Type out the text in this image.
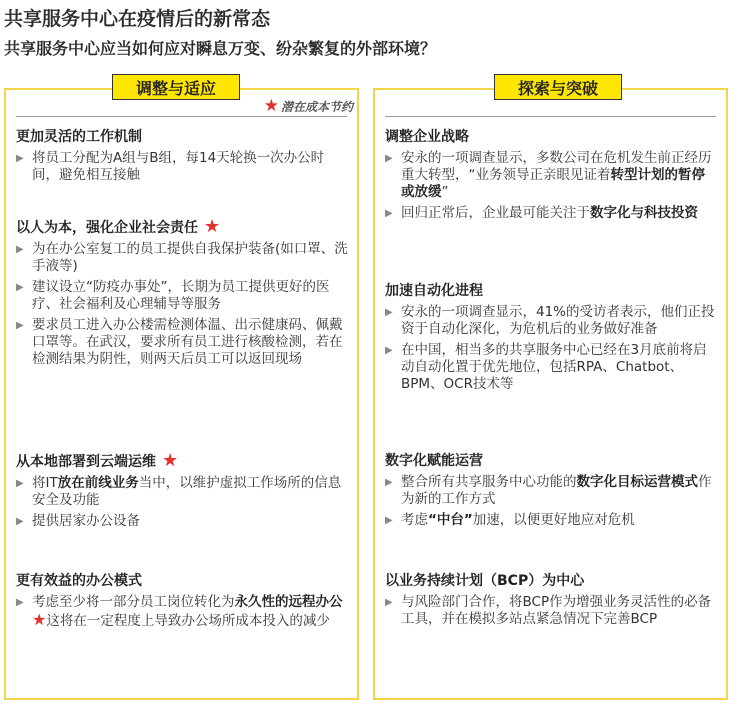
共享服务中心在疫情后的新常态
共享服务中心应当如何应对瞬息万变、纷杂繁复的外部环境？
★ 潜在成本节约
更加灵活的工作机制
▶ 将员工分配为A组与B组，每14天轮换一次办公时间，避免相互接触
以人为本，强化企业社会责任 ★
▶ 为在办公室复工的员工提供自我保护装备(如口罩、洗手液等)
▶ 建议设立“防疫办事处”，长期为员工提供更好的医疗、社会福利及心理辅导等服务
▶ 要求员工进入办公楼需检测体温、出示健康码、佩戴口罩等。在武汉，要求所有员工进行核酸检测，若在检测结果为阴性，则两天后员工可以返回现场
从本地部署到云端运维 ★
▶ 将IT放在前线业务当中，以维护虚拟工作场所的信息安全及功能
▶ 提供居家办公设备
更有效益的办公模式
▶ 考虑至少将一部分员工岗位转化为永久性的远程办公★这将在一定程度上导致办公场所成本投入的减少
调整企业战略
▶ 安永的一项调查显示，多数公司在危机发生前正经历重大转型，“业务领导正亲眼见证着转型计划的暂停或放缓”
▶ 回归正常后，企业最可能关注于数字化与科技投资
加速自动化进程
▶ 安永的一项调查显示，41%的受访者表示，他们正投资于自动化深化，为危机后的业务做好准备
▶ 在中国，相当多的共享服务中心已经在3月底前将启动自动化置于优先地位，包括RPA、Chatbot、BPM、OCR技术等
数字化赋能运营
▶ 整合所有共享服务中心功能的数字化目标运营模式作为新的工作方式
▶ 考虑“中台”加速，以便更好地应对危机
以业务持续计划（BCP）为中心
▶ 与风险部门合作，将BCP作为增强业务灵活性的必备工具，并在模拟多站点紧急情况下完善BCP
调整与适应	探索与突破
